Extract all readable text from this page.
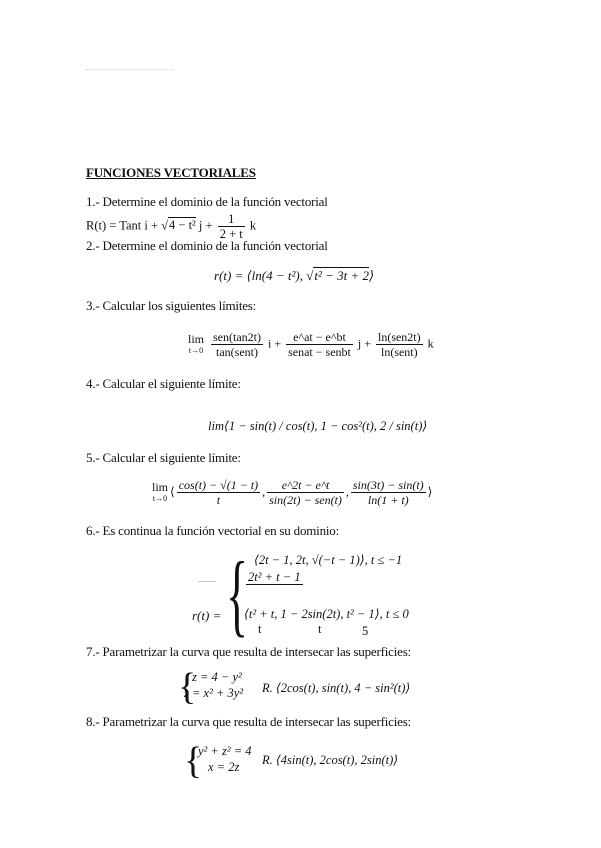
FUNCIONES VECTORIALES
1.- Determine el dominio de la función vectorial
R(t) = Tant i + √4 − t² $j + \frac{1}{2 + t}$ k
2.- Determine el dominio de la función vectorial
r(t) = ⟨ln(4 − t²), √t² − 3t + 2⟩
3.- Calcular los siguientes límites:
lim
t→0
$\frac{\text{sen(tan2t)}}{\text{tan(sent)}}$ $i + \frac{e\^{}at - e\^{}bt}{\text{senat − senbt}}$ $j + \frac{\text{ln(sen2t)}}{\text{ln(sent)}}$ k
4.- Calcular el siguiente límite:
lim⟨1 − sin(t) / cos(t), 1 − cos²(t), 2 / sin(t)⟩
5.- Calcular el siguiente límite:
lim
t→0 ⟨ $\frac{\cos(t) - √(1 - t)}{t}$ , $\frac{e\^{}2t - e\^{}t}{\text{sin(2t) − sen(t)}}$ , $\frac{\sin(3t) - \sin(t)}{\ln(1 + t)}$ ⟩
6.- Es continua la función vectorial en su dominio:
——
r(t) = { ⟨2t − 1, 2t, √(−t − 1)⟩, t ≤ −1
2t² + t − 1

⟨t² + t, 1 − 2sin(2t), t² − 1⟩, t ≤ 0
t	t	5
7.- Parametrizar la curva que resulta de intersecar las superficies:
{
z = 4 − y²
z = x² + 3y² R. ⟨2cos(t), sin(t), 4 − sin²(t)⟩
8.- Parametrizar la curva que resulta de intersecar las superficies:
{
y² + z² = 4
x = 2z R. ⟨4sin(t), 2cos(t), 2sin(t)⟩
